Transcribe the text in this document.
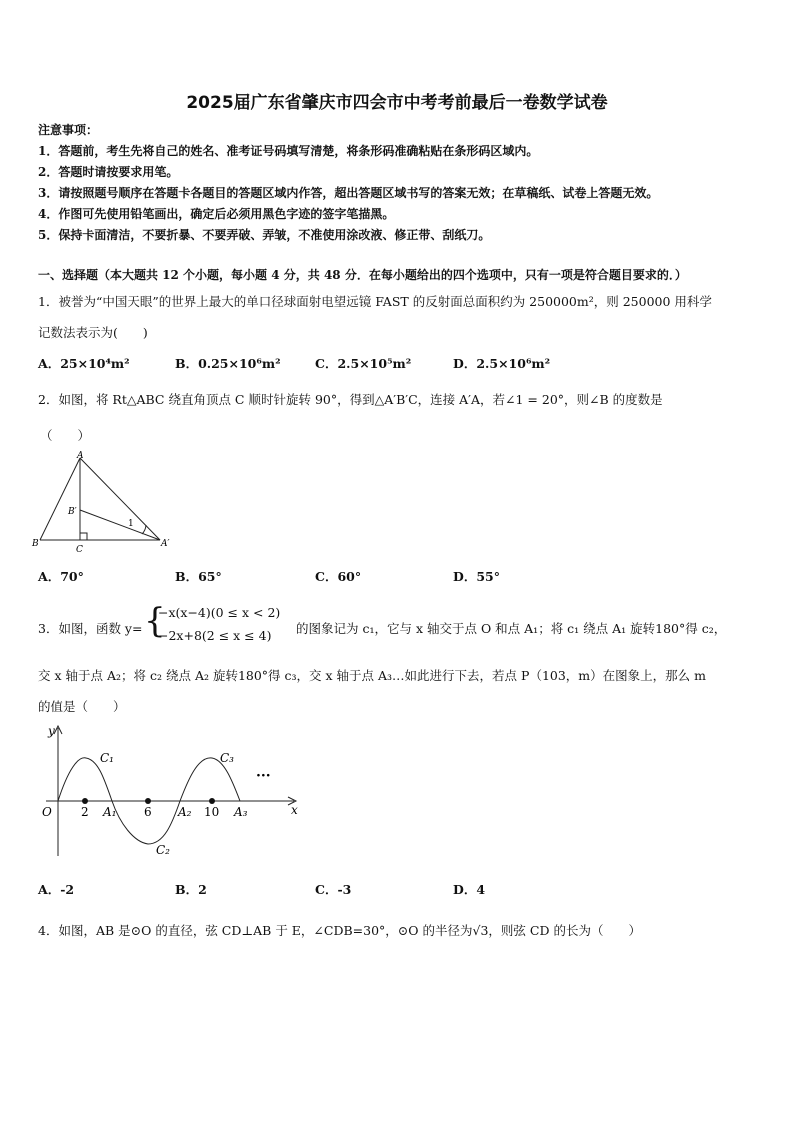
2025届广东省肇庆市四会市中考考前最后一卷数学试卷
注意事项：
1．答题前，考生先将自己的姓名、准考证号码填写清楚，将条形码准确粘贴在条形码区域内。
2．答题时请按要求用笔。
3．请按照题号顺序在答题卡各题目的答题区域内作答，超出答题区域书写的答案无效；在草稿纸、试卷上答题无效。
4．作图可先使用铅笔画出，确定后必须用黑色字迹的签字笔描黑。
5．保持卡面清洁，不要折暴、不要弄破、弄皱，不准使用涂改液、修正带、刮纸刀。
一、选择题（本大题共 12 个小题，每小题 4 分，共 48 分．在每小题给出的四个选项中，只有一项是符合题目要求的．）
1．被誉为“中国天眼”的世界上最大的单口径球面射电望远镜 FAST 的反射面总面积约为 250000m²，则 250000 用科学
记数法表示为(　　)
A．25×10⁴m²	B．0.25×10⁶m²	C．2.5×10⁵m²	D．2.5×10⁶m²
2．如图，将 Rt△ABC 绕直角顶点 C 顺时针旋转 90°，得到△A′B′C，连接 A′A，若∠1 = 20°，则∠B 的度数是
（　　）
A
B′
1
B
C
A′
A．70°	B．65°	C．60°	D．55°
3．如图，函数 y= {
−x(x−4)(0 ≤ x < 2)
−2x+8(2 ≤ x ≤ 4) 的图象记为 c₁，它与 x 轴交于点 O 和点 A₁；将 c₁ 绕点 A₁ 旋转180°得 c₂，
交 x 轴于点 A₂；将 c₂ 绕点 A₂ 旋转180°得 c₃，交 x 轴于点 A₃…如此进行下去，若点 P（103，m）在图象上，那么 m
的值是（　　）
y
x
O
C₁
C₂
C₃
2 A₁ 6 A₂ 10 A₃
···
A．-2	B．2	C．-3	D．4
4．如图，AB 是⊙O 的直径，弦 CD⊥AB 于 E，∠CDB=30°，⊙O 的半径为√3，则弦 CD 的长为（　　）
